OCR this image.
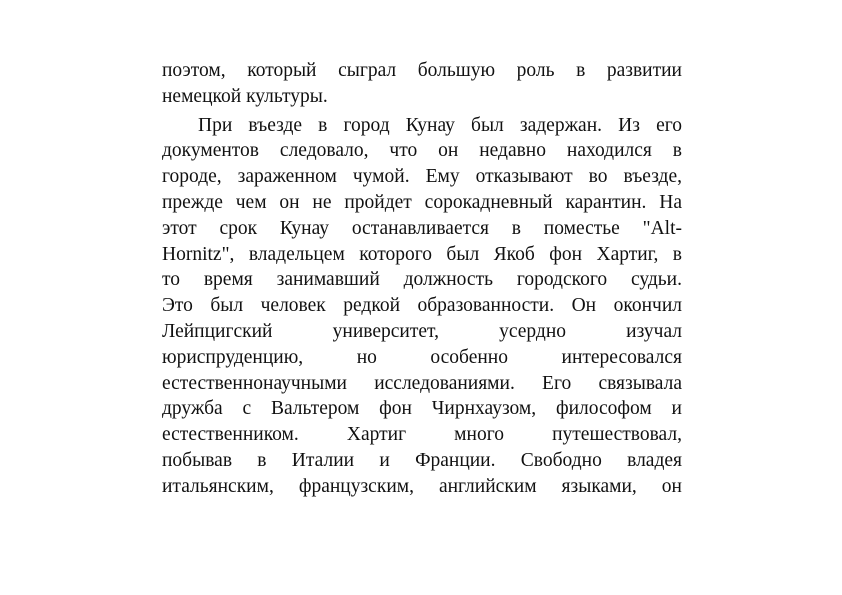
поэтом, который сыграл большую роль в развитии
немецкой культуры.
При въезде в город Кунау был задержан. Из его
документов следовало, что он недавно находился в
городе, зараженном чумой. Ему отказывают во въезде,
прежде чем он не пройдет сорокадневный карантин. На
этот срок Кунау останавливается в поместье "Alt-
Hornitz", владельцем которого был Якоб фон Хартиг, в
то время занимавший должность городского судьи.
Это был человек редкой образованности. Он окончил
Лейпцигский университет, усердно изучал
юриспруденцию, но особенно интересовался
естественнонаучными исследованиями. Его связывала
дружба с Вальтером фон Чирнхаузом, философом и
естественником. Хартиг много путешествовал,
побывав в Италии и Франции. Свободно владея
итальянским, французским, английским языками, он
